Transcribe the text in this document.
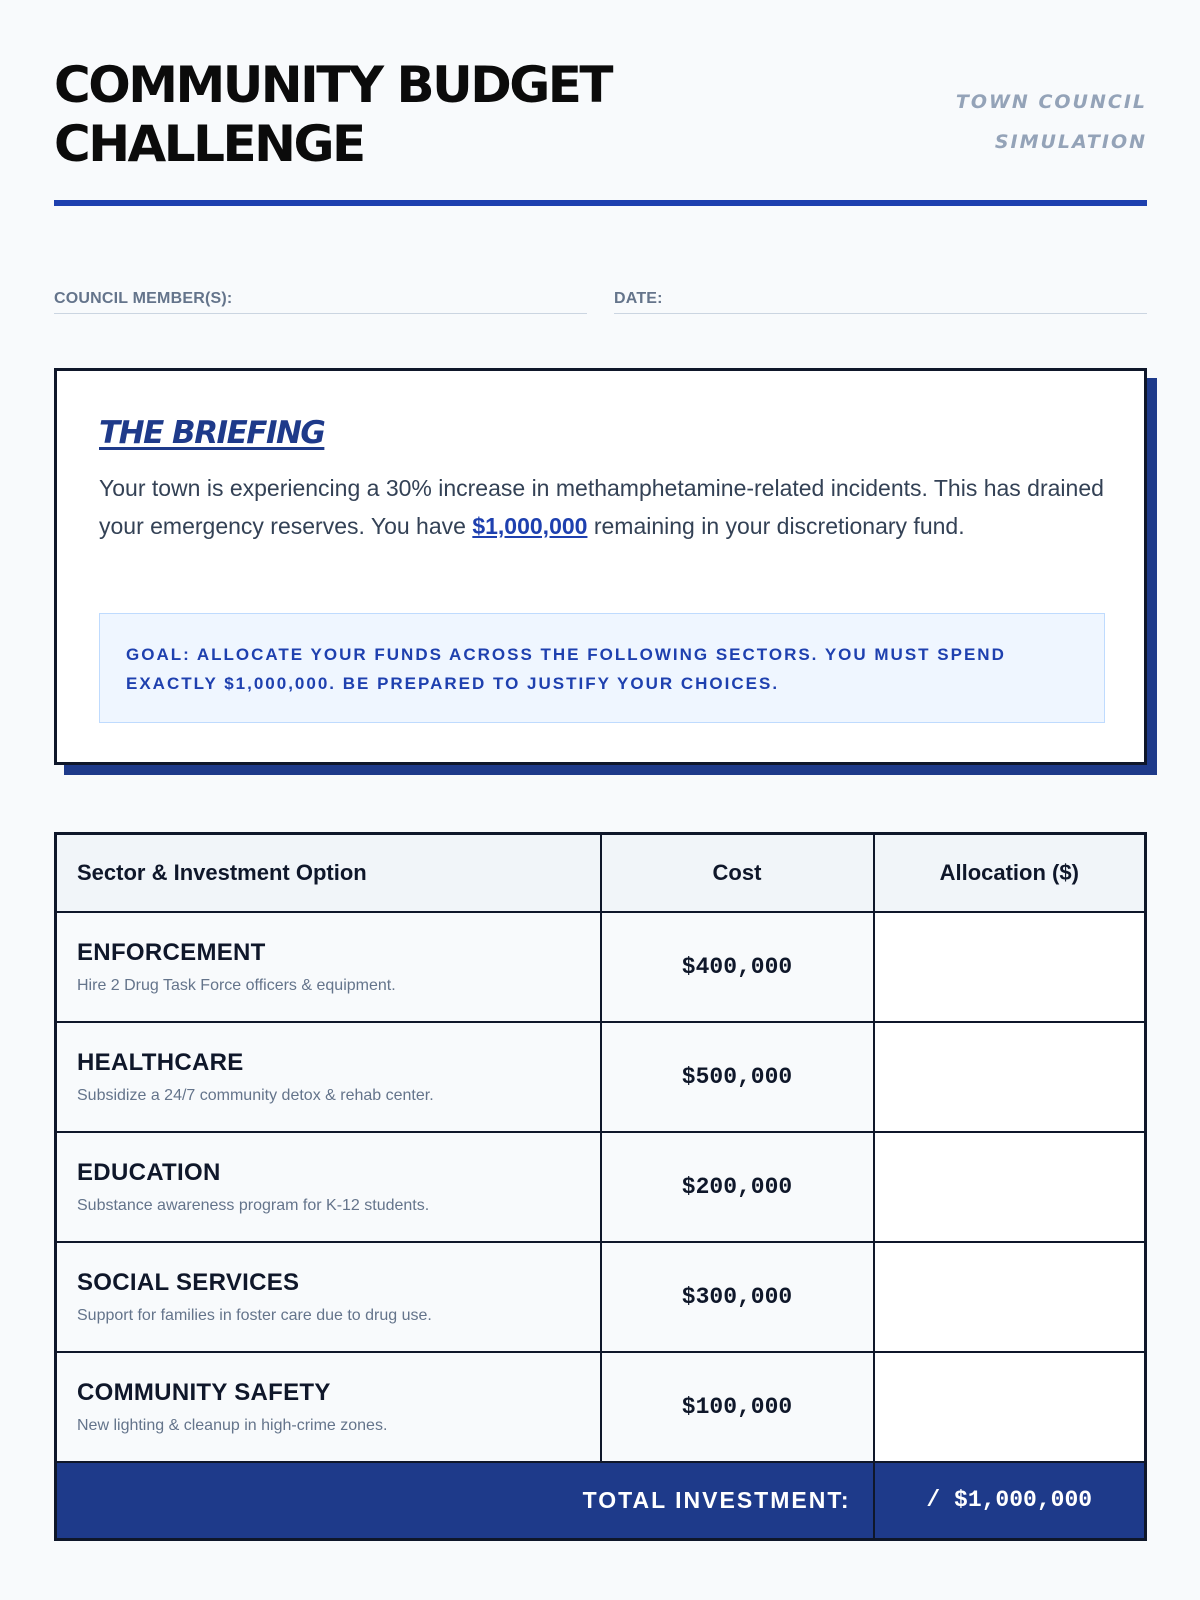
COMMUNITY BUDGET CHALLENGE
TOWN COUNCIL SIMULATION
COUNCIL MEMBER(S):	DATE:
THE BRIEFING

Your town is experiencing a 30% increase in methamphetamine-related incidents. This has drained your emergency reserves. You have $1,000,000 remaining in your discretionary fund.

GOAL: ALLOCATE YOUR FUNDS ACROSS THE FOLLOWING SECTORS. YOU MUST SPEND EXACTLY $1,000,000. BE PREPARED TO JUSTIFY YOUR CHOICES.
Sector & Investment Option	Cost	Allocation ($)

ENFORCEMENT
Hire 2 Drug Task Force officers & equipment.	$400,000	

HEALTHCARE
Subsidize a 24/7 community detox & rehab center.	$500,000	

EDUCATION
Substance awareness program for K-12 students.	$200,000	

SOCIAL SERVICES
Support for families in foster care due to drug use.	$300,000	

COMMUNITY SAFETY
New lighting & cleanup in high-crime zones.	$100,000	
TOTAL INVESTMENT:		/ $1,000,000
